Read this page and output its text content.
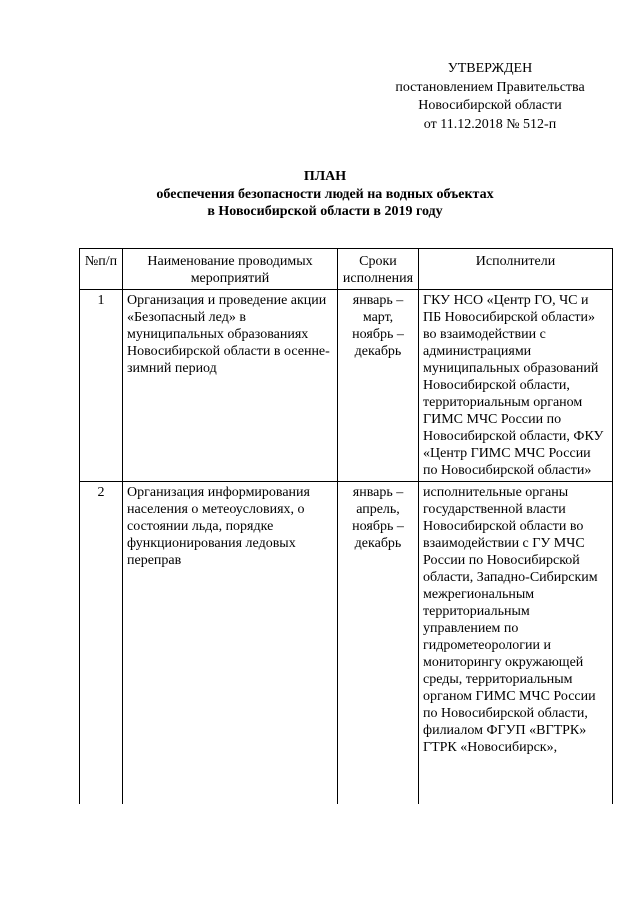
УТВЕРЖДЕН
постановлением Правительства
Новосибирской области
от 11.12.2018 № 512-п
ПЛАН
обеспечения безопасности людей на водных объектах
в Новосибирской области в 2019 году
№п/п	Наименование проводимых мероприятий	Сроки исполнения	Исполнители
1	Организация и проведение акции «Безопасный лед» в муниципальных образованиях Новосибирской области в осенне-зимний период	январь – март, ноябрь – декабрь	ГКУ НСО «Центр ГО, ЧС и ПБ Новосибирской области» во взаимодействии с администрациями муниципальных образований Новосибирской области, территориальным органом ГИМС МЧС России по Новосибирской области, ФКУ «Центр ГИМС МЧС России по Новосибирской области»
2	Организация информирования населения о метеоусловиях, о состоянии льда, порядке функционирования ледовых переправ	январь – апрель, ноябрь – декабрь	исполнительные органы государственной власти Новосибирской области во взаимодействии с ГУ МЧС России по Новосибирской области, Западно-Сибирским межрегиональным территориальным управлением по гидрометеорологии и мониторингу окружающей среды, территориальным органом ГИМС МЧС России по Новосибирской области, филиалом ФГУП «ВГТРК» ГТРК «Новосибирск»,
